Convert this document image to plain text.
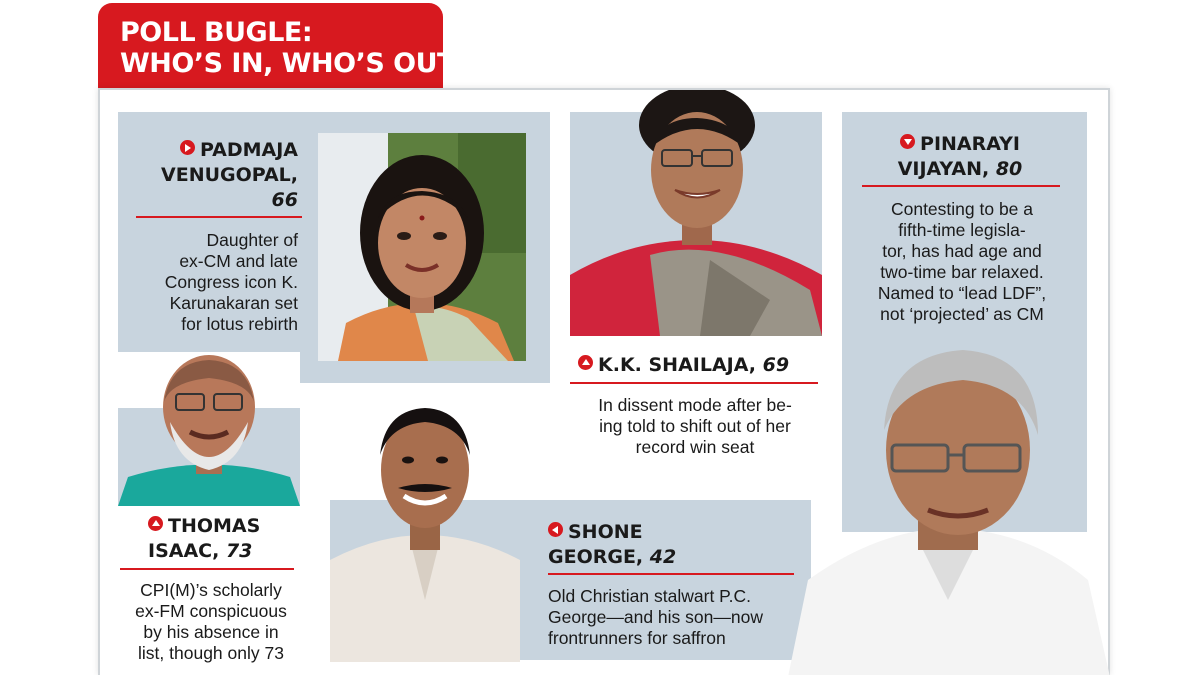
POLL BUGLE:
WHO’S IN, WHO’S OUT
PADMAJA
VENUGOPAL,
66
Daughter of
ex-CM and late
Congress icon K.
Karunakaran set
for lotus rebirth
K.K. SHAILAJA, 69
In dissent mode after be-
ing told to shift out of her
record win seat
PINARAYI
VIJAYAN, 80
Contesting to be a
fifth-time legisla-
tor, has had age and
two-time bar relaxed.
Named to “lead LDF”,
not ‘projected’ as CM
THOMAS
ISAAC, 73
CPI(M)’s scholarly
ex-FM conspicuous
by his absence in
list, though only 73
SHONE
GEORGE, 42
Old Christian stalwart P.C.
George—and his son—now
frontrunners for saffron
